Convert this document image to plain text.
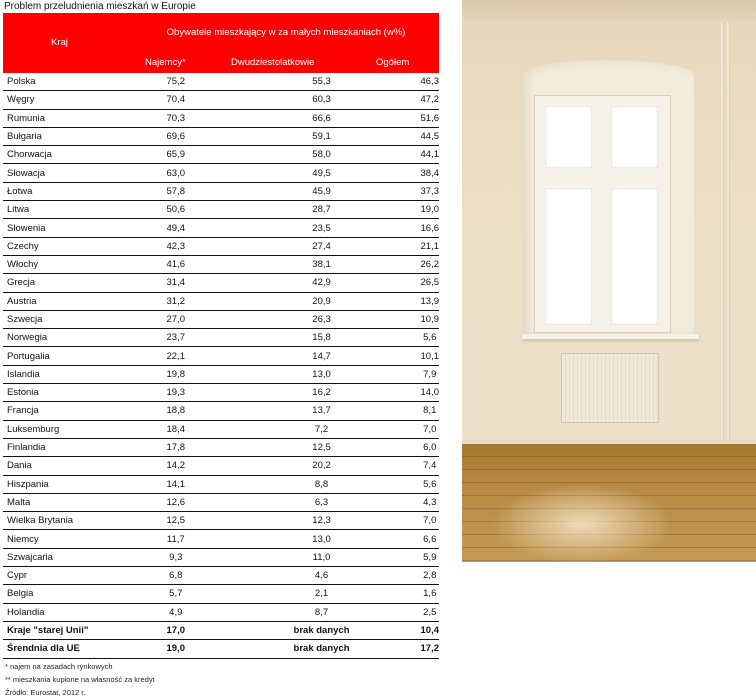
Problem przeludnienia mieszkań w Europie
Kraj
Obywatele mieszkający w za małych mieszkaniach (w%)
Najemcy*	Dwudziestolatkowie	Ogółem
Polska	75,2	55,3	46,3
Węgry	70,4	60,3	47,2
Rumunia	70,3	66,6	51,6
Bułgaria	69,6	59,1	44,5
Chorwacja	65,9	58,0	44,1
Słowacja	63,0	49,5	38,4
Łotwa	57,8	45,9	37,3
Litwa	50,6	28,7	19,0
Słowenia	49,4	23,5	16,6
Czechy	42,3	27,4	21,1
Włochy	41,6	38,1	26,2
Grecja	31,4	42,9	26,5
Austria	31,2	20,9	13,9
Szwecja	27,0	26,3	10,9
Norwegia	23,7	15,8	5,6
Portugalia	22,1	14,7	10,1
Islandia	19,8	13,0	7,9
Estonia	19,3	16,2	14,0
Francja	18,8	13,7	8,1
Luksemburg	18,4	7,2	7,0
Finlandia	17,8	12,5	6,0
Dania	14,2	20,2	7,4
Hiszpania	14,1	8,8	5,6
Malta	12,6	6,3	4,3
Wielka Brytania	12,5	12,3	7,0
Niemcy	11,7	13,0	6,6
Szwajcaria	9,3	11,0	5,9
Cypr	6,8	4,6	2,8
Belgia	5,7	2,1	1,6
Holandia	4,9	8,7	2,5
Kraje "starej Unii"	17,0	brak danych	10,4
Śrendnia dla UE	19,0	brak danych	17,2
* najem na zasadach rynkowych
** mieszkania kupione na własność za kredyt
Źródło: Eurostat, 2012 r.
